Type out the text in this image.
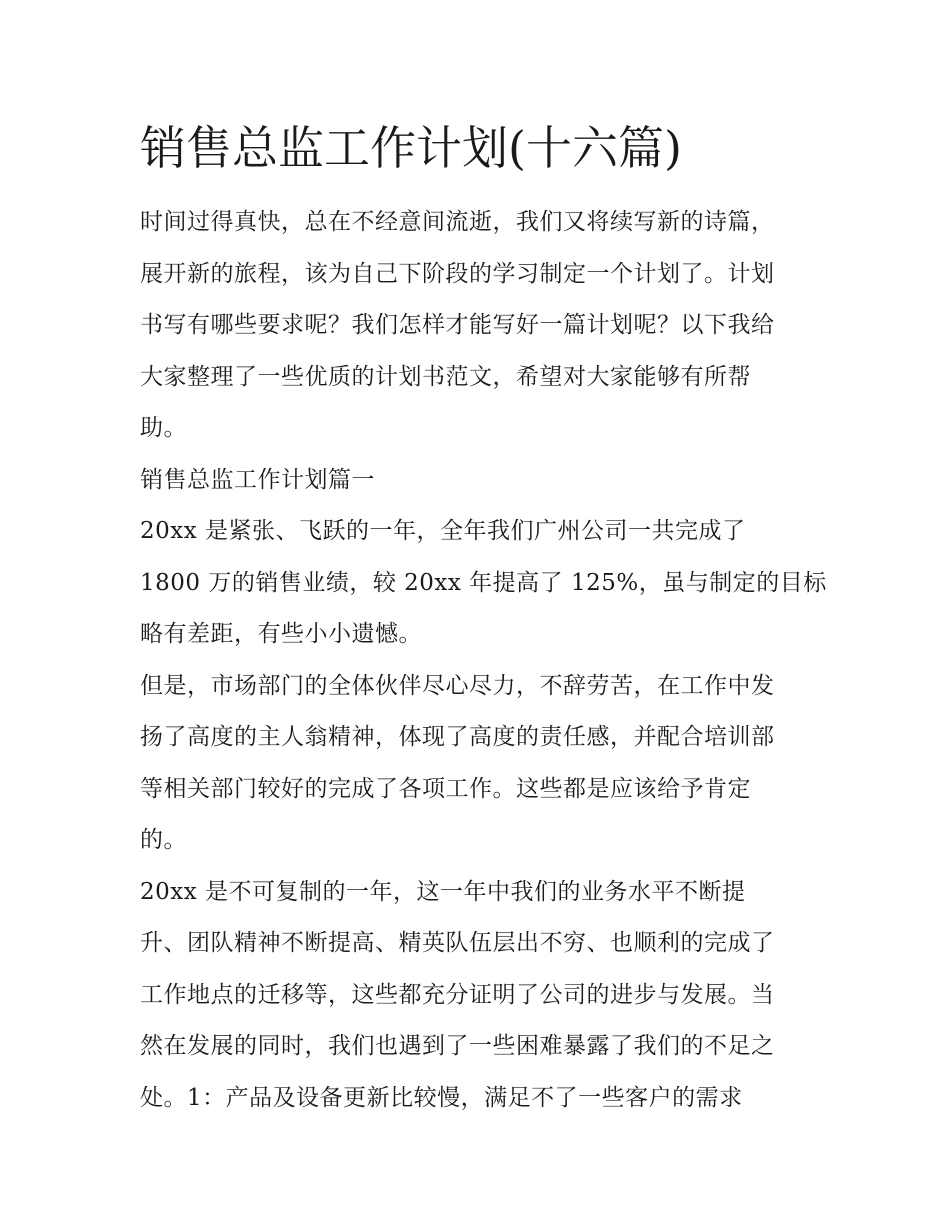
销售总监工作计划(十六篇)
时间过得真快，总在不经意间流逝，我们又将续写新的诗篇，
展开新的旅程，该为自己下阶段的学习制定一个计划了。计划
书写有哪些要求呢？我们怎样才能写好一篇计划呢？以下我给
大家整理了一些优质的计划书范文，希望对大家能够有所帮
助。
销售总监工作计划篇一
20xx 是紧张、飞跃的一年，全年我们广州公司一共完成了
1800 万的销售业绩，较 20xx 年提高了 125%，虽与制定的目标
略有差距，有些小小遗憾。
但是，市场部门的全体伙伴尽心尽力，不辞劳苦，在工作中发
扬了高度的主人翁精神，体现了高度的责任感，并配合培训部
等相关部门较好的完成了各项工作。这些都是应该给予肯定
的。
20xx 是不可复制的一年，这一年中我们的业务水平不断提
升、团队精神不断提高、精英队伍层出不穷、也顺利的完成了
工作地点的迁移等，这些都充分证明了公司的进步与发展。当
然在发展的同时，我们也遇到了一些困难暴露了我们的不足之
处。1：产品及设备更新比较慢，满足不了一些客户的需求
